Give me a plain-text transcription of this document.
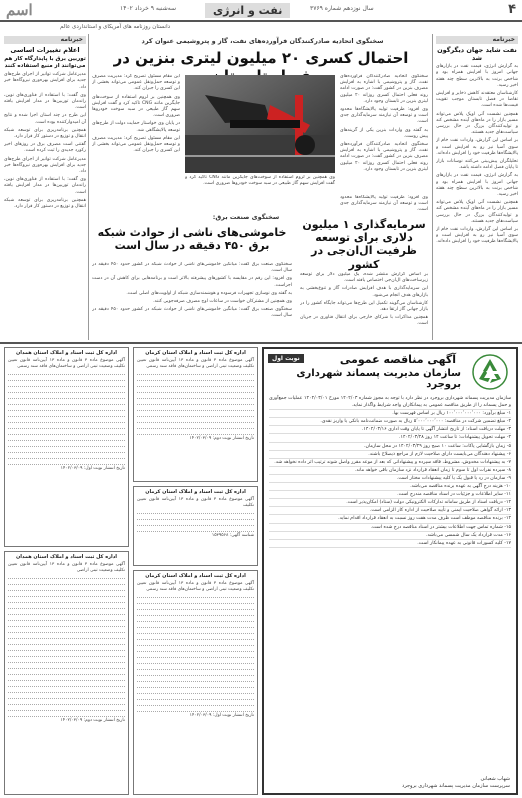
اسم	سه‌شنبه ۹ خرداد ۱۴۰۲	نفت و انرژی	سال نوزدهم شماره ۳۷۶۹	۴
دانستان روزنامه های آمریکای و استانداردی عالم
خبرنامه
نفت شاید جهان دیگرگون شد

به گزارش انرژی، قیمت نفت در بازارهای جهانی امروز با افزایش همراه بود و شاخص برنت به بالاترین سطح چند هفته اخیر رسید.

کارشناسان معتقدند کاهش ذخایر و افزایش تقاضا در فصل تابستان موجب تقویت قیمت‌ها شده است.

همچنین نشست آتی اوپک پلاس می‌تواند مسیر بازار را در ماه‌های آینده مشخص کند و تولیدکنندگان بزرگ در حال بررسی سیاست‌های جدید هستند.

بر اساس این گزارش، واردات نفت خام از سوی آسیا نیز رو به افزایش است و پالایشگاه‌ها ظرفیت خود را افزایش داده‌اند.

تحلیلگران پیش‌بینی می‌کنند نوسانات بازار تا پایان فصل ادامه داشته باشد.

به گزارش انرژی، قیمت نفت در بازارهای جهانی امروز با افزایش همراه بود و شاخص برنت به بالاترین سطح چند هفته اخیر رسید.

همچنین نشست آتی اوپک پلاس می‌تواند مسیر بازار را در ماه‌های آینده مشخص کند و تولیدکنندگان بزرگ در حال بررسی سیاست‌های جدید هستند.

بر اساس این گزارش، واردات نفت خام از سوی آسیا نیز رو به افزایش است و پالایشگاه‌ها ظرفیت خود را افزایش داده‌اند.

خبرنامه
اعلام تغییرات اساسی
توربین برق با پایدارگاه کار هم می‌توانند از منبع استفاده کنند

مدیرعامل شرکت توانیر از اجرای طرح‌های جدید برای افزایش بهره‌وری نیروگاه‌ها خبر داد.

وی گفت: با استفاده از فناوری‌های نوین، راندمان توربین‌ها در مدار افزایش یافته است.

این طرح در چند استان اجرا شده و نتایج آن امیدوارکننده بوده است.

همچنین برنامه‌ریزی برای توسعه شبکه انتقال و توزیع در دستور کار قرار دارد.

گفتنی است مصرف برق در روزهای اخیر رکورد جدیدی را ثبت کرده است.

مدیرعامل شرکت توانیر از اجرای طرح‌های جدید برای افزایش بهره‌وری نیروگاه‌ها خبر داد.

وی گفت: با استفاده از فناوری‌های نوین، راندمان توربین‌ها در مدار افزایش یافته است.

همچنین برنامه‌ریزی برای توسعه شبکه انتقال و توزیع در دستور کار قرار دارد.

سخنگوی اتحادیه صادرکنندگان فرآورده‌های نفت، گاز و پتروشیمی عنوان کرد
احتمال کسری ۲۰ میلیون لیتری بنزین در

سخنگوی اتحادیه صادرکنندگان فرآورده‌های نفت، گاز و پتروشیمی با اشاره به افزایش مصرف بنزین در کشور گفت: در صورت ادامه روند فعلی احتمال کسری روزانه ۲۰ میلیون لیتری بنزین در تابستان وجود دارد.

وی افزود: ظرفیت تولید پالایشگاه‌ها محدود است و توسعه آن نیازمند سرمایه‌گذاری جدی است.

به گفته وی واردات بنزین یکی از گزینه‌های پیش روست.

سخنگوی اتحادیه صادرکنندگان فرآورده‌های نفت، گاز و پتروشیمی با اشاره به افزایش مصرف بنزین در کشور گفت: در صورت ادامه روند فعلی احتمال کسری روزانه ۲۰ میلیون لیتری بنزین در تابستان وجود دارد.

این مقام مسئول تصریح کرد: مدیریت مصرف و توسعه حمل‌ونقل عمومی می‌تواند بخشی از این کسری را جبران کند.

وی همچنین بر لزوم استفاده از سوخت‌های جایگزین مانند CNG تاکید کرد و گفت افزایش سهم گاز طبیعی در سبد سوخت خودروها ضروری است.

در پایان وی خواستار حمایت دولت از طرح‌های توسعه پالایشگاهی شد.

این مقام مسئول تصریح کرد: مدیریت مصرف و توسعه حمل‌ونقل عمومی می‌تواند بخشی از این کسری را جبران کند.

وی همچنین بر لزوم استفاده از سوخت‌های جایگزین مانند CNG تاکید کرد و گفت افزایش سهم گاز طبیعی در سبد سوخت خودروها ضروری است.

وی افزود: ظرفیت تولید پالایشگاه‌ها محدود است و توسعه آن نیازمند سرمایه‌گذاری جدی است.

سرمایه‌گذاری ۱ میلیون دلاری برای توسعه ظرفیت ال‌ان‌جی در کشور

بر اساس گزارش منتشر شده، یک میلیون دلار برای توسعه زیرساخت‌های ال‌ان‌جی اختصاص یافته است.

این سرمایه‌گذاری با هدف افزایش صادرات گاز و تنوع‌بخشی به بازارهای هدف انجام می‌شود.

کارشناسان می‌گویند تکمیل این طرح‌ها می‌تواند جایگاه کشور را در بازار جهانی گاز ارتقا دهد.

همچنین مذاکرات با شرکای خارجی برای انتقال فناوری در جریان است.

سخنگوی صنعت برق:
خاموشی‌های ناشی از حوادث شبکه برق ۴۵۰ دقیقه در سال است

سخنگوی صنعت برق گفت: میانگین خاموشی‌های ناشی از حوادث شبکه در کشور حدود ۴۵۰ دقیقه در سال است.

وی افزود: این رقم در مقایسه با کشورهای پیشرفته بالاتر است و برنامه‌هایی برای کاهش آن در دست اجراست.

به گفته وی نوسازی تجهیزات فرسوده و هوشمندسازی شبکه از اولویت‌های اصلی است.

وی همچنین از مشترکان خواست در ساعات اوج مصرف صرفه‌جویی کنند.

سخنگوی صنعت برق گفت: میانگین خاموشی‌های ناشی از حوادث شبکه در کشور حدود ۴۵۰ دقیقه در سال است.

اداره کل ثبت اسناد و املاک استان همدان
آگهی موضوع ماده ۳ قانون و ماده ۱۳ آیین‌نامه قانون تعیین تکلیف وضعیت ثبتی اراضی و ساختمان‌های فاقد سند رسمی
تاریخ انتشار نوبت اول: ۱۴۰۲/۰۳/۰۹
اداره کل ثبت اسناد و املاک استان کرمان
آگهی موضوع ماده ۳ قانون و ماده ۱۳ آیین‌نامه قانون تعیین تکلیف وضعیت ثبتی اراضی و ساختمان‌های فاقد سند رسمی
تاریخ انتشار نوبت دوم: ۱۴۰۲/۰۳/۰۹
اداره کل ثبت اسناد و املاک استان کرمان
آگهی موضوع ماده ۳ قانون و ماده ۱۳ آیین‌نامه قانون تعیین تکلیف
شناسه آگهی: ۱۵۳۹۵۶۸
اداره کل ثبت اسناد و املاک استان همدان
آگهی موضوع ماده ۳ قانون و ماده ۱۳ آیین‌نامه قانون تعیین تکلیف وضعیت ثبتی اراضی
تاریخ انتشار نوبت دوم: ۱۴۰۲/۰۳/۰۹
اداره کل ثبت اسناد و املاک استان کرمان
آگهی موضوع ماده ۳ قانون و ماده ۱۳ آیین‌نامه قانون تعیین تکلیف وضعیت ثبتی اراضی و ساختمان‌های فاقد سند رسمی
تاریخ انتشار نوبت اول: ۱۴۰۲/۰۳/۰۹
نوبت اول	آگهی مناقصه عمومی
سازمان مدیریت پسماند شهرداری بروجرد
سازمان مدیریت پسماند شهرداری بروجرد در نظر دارد با توجه به مجوز شماره ۱۴۰۲/۰۳ مورخ ۱۴۰۲/۰۳/۰۱ عملیات جمع‌آوری و حمل پسماند را از طریق مناقصه عمومی به پیمانکاران واجد شرایط واگذار نماید.
۱- مبلغ برآورد: ۱۰۰٬۰۰۰٬۰۰۰٬۰۰۰ ریال بر اساس فهرست بها.
۲- مبلغ تضمین شرکت در مناقصه: ۵٬۰۰۰٬۰۰۰٬۰۰۰ ریال به صورت ضمانت‌نامه بانکی یا واریز نقدی.
۳- مهلت دریافت اسناد: از تاریخ انتشار آگهی تا پایان وقت اداری ۱۴۰۲/۰۳/۱۶.
۴- مهلت تحویل پیشنهادات: تا ساعت ۱۴ روز ۱۴۰۲/۰۳/۲۸.
۵- زمان بازگشایی پاکات: ساعت ۱۰ صبح روز ۱۴۰۲/۰۳/۲۹ در محل سازمان.
۶- پیشنهاد دهندگان می‌بایست دارای صلاحیت لازم از مراجع ذیصلاح باشند.
۷- به پیشنهادات مخدوش، مشروط، فاقد سپرده و پیشنهاداتی که بعد از موعد مقرر واصل شوند ترتیب اثر داده نخواهد شد.
۸- سپرده نفرات اول تا سوم تا زمان انعقاد قرارداد نزد سازمان باقی خواهد ماند.
۹- سازمان در رد یا قبول یک یا کلیه پیشنهادات مختار است.
۱۰- هزینه درج آگهی به عهده برنده مناقصه می‌باشد.
۱۱- سایر اطلاعات و جزئیات در اسناد مناقصه مندرج است.
۱۲- دریافت اسناد از طریق سامانه تدارکات الکترونیکی دولت (ستاد) امکان‌پذیر است.
۱۳- ارائه گواهی صلاحیت ایمنی و تأیید صلاحیت از اداره کار الزامی است.
۱۴- برنده مناقصه موظف است ظرف مدت هفت روز نسبت به انعقاد قرارداد اقدام نماید.
۱۵- شماره تماس جهت اطلاعات بیشتر در اسناد مناقصه درج شده است.
۱۶- مدت قرارداد یک سال شمسی می‌باشد.
۱۷- کلیه کسورات قانونی به عهده پیمانکار است.
شهاب شعبانی
سرپرست سازمان مدیریت پسماند شهرداری بروجرد
